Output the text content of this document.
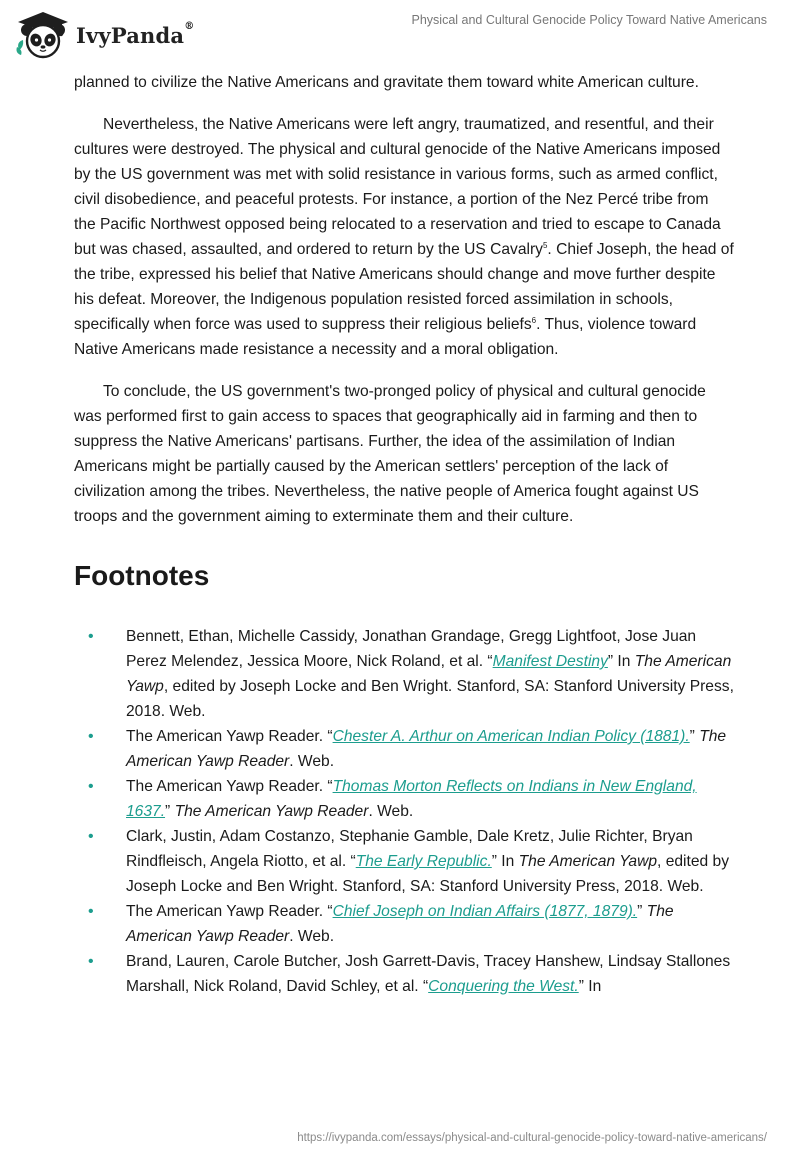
IvyPanda®	Physical and Cultural Genocide Policy Toward Native Americans

planned to civilize the Native Americans and gravitate them toward white American culture.

Nevertheless, the Native Americans were left angry, traumatized, and resentful, and their cultures were destroyed. The physical and cultural genocide of the Native Americans imposed by the US government was met with solid resistance in various forms, such as armed conflict, civil disobedience, and peaceful protests. For instance, a portion of the Nez Percé tribe from the Pacific Northwest opposed being relocated to a reservation and tried to escape to Canada but was chased, assaulted, and ordered to return by the US Cavalry$^5$. Chief Joseph, the head of the tribe, expressed his belief that Native Americans should change and move further despite his defeat. Moreover, the Indigenous population resisted forced assimilation in schools, specifically when force was used to suppress their religious beliefs$^6$. Thus, violence toward Native Americans made resistance a necessity and a moral obligation.

To conclude, the US government's two-pronged policy of physical and cultural genocide was performed first to gain access to spaces that geographically aid in farming and then to suppress the Native Americans' partisans. Further, the idea of the assimilation of Indian Americans might be partially caused by the American settlers' perception of the lack of civilization among the tribes. Nevertheless, the native people of America fought against US troops and the government aiming to exterminate them and their culture.

Footnotes
• Bennett, Ethan, Michelle Cassidy, Jonathan Grandage, Gregg Lightfoot, Jose Juan Perez Melendez, Jessica Moore, Nick Roland, et al. “Manifest Destiny” In The American Yawp, edited by Joseph Locke and Ben Wright. Stanford, SA: Stanford University Press, 2018. Web.
• The American Yawp Reader. “Chester A. Arthur on American Indian Policy (1881).” The American Yawp Reader. Web.
• The American Yawp Reader. “Thomas Morton Reflects on Indians in New England, 1637.” The American Yawp Reader. Web.
• Clark, Justin, Adam Costanzo, Stephanie Gamble, Dale Kretz, Julie Richter, Bryan Rindfleisch, Angela Riotto, et al. “The Early Republic.” In The American Yawp, edited by Joseph Locke and Ben Wright. Stanford, SA: Stanford University Press, 2018. Web.
• The American Yawp Reader. “Chief Joseph on Indian Affairs (1877, 1879).” The American Yawp Reader. Web.
• Brand, Lauren, Carole Butcher, Josh Garrett-Davis, Tracey Hanshew, Lindsay Stallones Marshall, Nick Roland, David Schley, et al. “Conquering the West.” In
https://ivypanda.com/essays/physical-and-cultural-genocide-policy-toward-native-americans/
